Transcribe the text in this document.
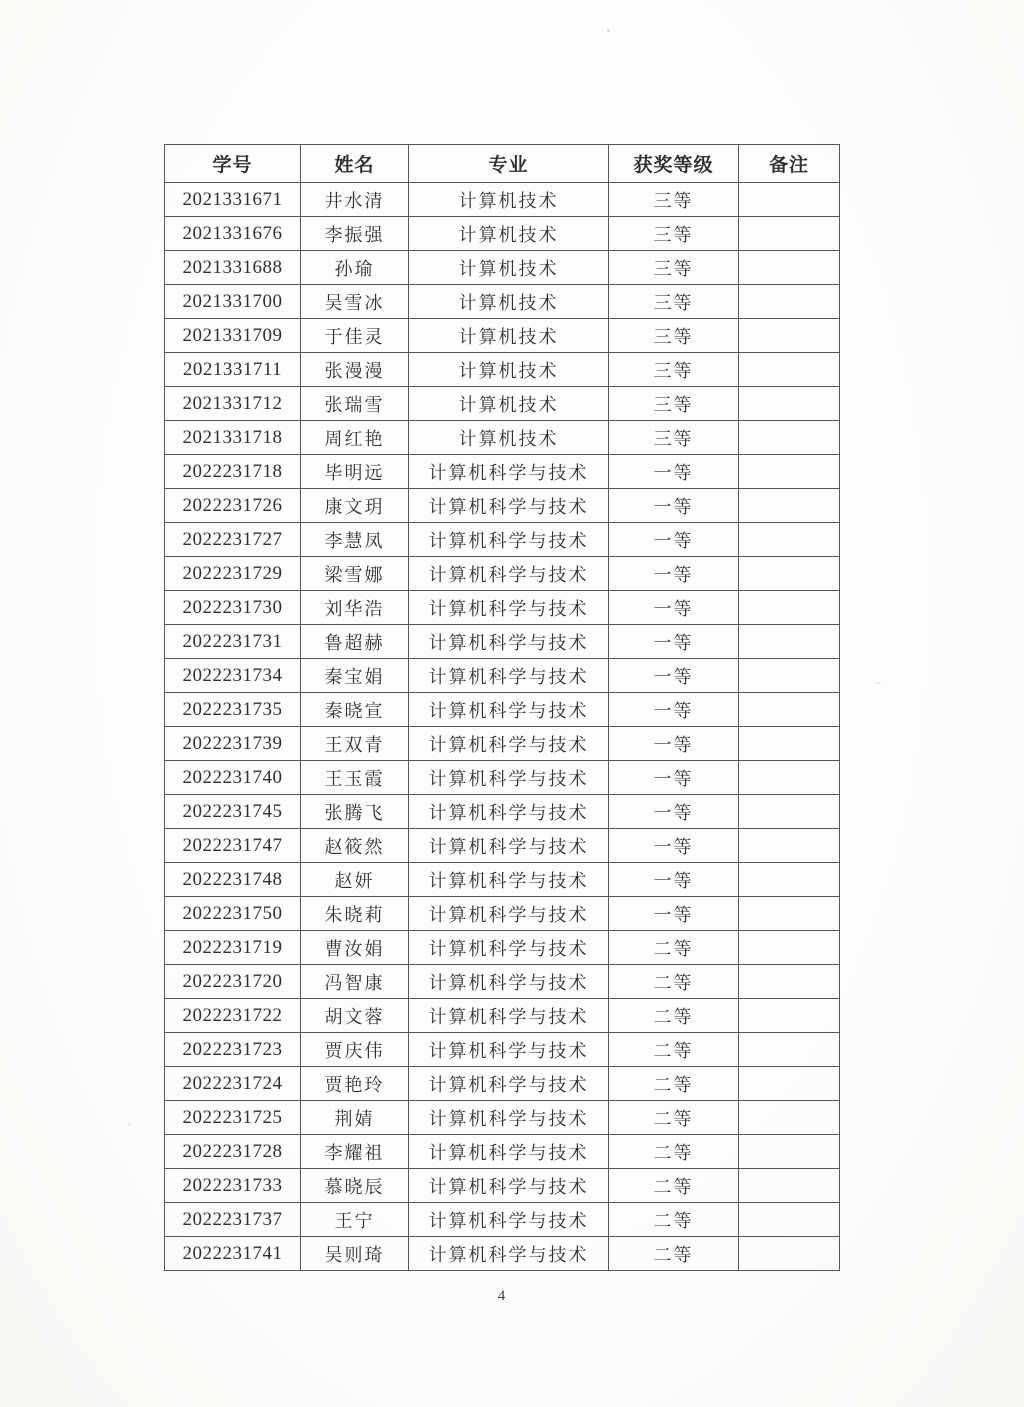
学号	姓名	专业	获奖等级	备注
2021331671	井水清	计算机技术	三等	
2021331676	李振强	计算机技术	三等	
2021331688	孙瑜	计算机技术	三等	
2021331700	吴雪冰	计算机技术	三等	
2021331709	于佳灵	计算机技术	三等	
2021331711	张漫漫	计算机技术	三等	
2021331712	张瑞雪	计算机技术	三等	
2021331718	周红艳	计算机技术	三等	
2022231718	毕明远	计算机科学与技术	一等	
2022231726	康文玥	计算机科学与技术	一等	
2022231727	李慧凤	计算机科学与技术	一等	
2022231729	梁雪娜	计算机科学与技术	一等	
2022231730	刘华浩	计算机科学与技术	一等	
2022231731	鲁超赫	计算机科学与技术	一等	
2022231734	秦宝娟	计算机科学与技术	一等	
2022231735	秦晓宣	计算机科学与技术	一等	
2022231739	王双青	计算机科学与技术	一等	
2022231740	王玉霞	计算机科学与技术	一等	
2022231745	张腾飞	计算机科学与技术	一等	
2022231747	赵筱然	计算机科学与技术	一等	
2022231748	赵妍	计算机科学与技术	一等	
2022231750	朱晓莉	计算机科学与技术	一等	
2022231719	曹汝娟	计算机科学与技术	二等	
2022231720	冯智康	计算机科学与技术	二等	
2022231722	胡文蓉	计算机科学与技术	二等	
2022231723	贾庆伟	计算机科学与技术	二等	
2022231724	贾艳玲	计算机科学与技术	二等	
2022231725	荆婧	计算机科学与技术	二等	
2022231728	李耀祖	计算机科学与技术	二等	
2022231733	慕晓辰	计算机科学与技术	二等	
2022231737	王宁	计算机科学与技术	二等	
2022231741	吴则琦	计算机科学与技术	二等	
4
